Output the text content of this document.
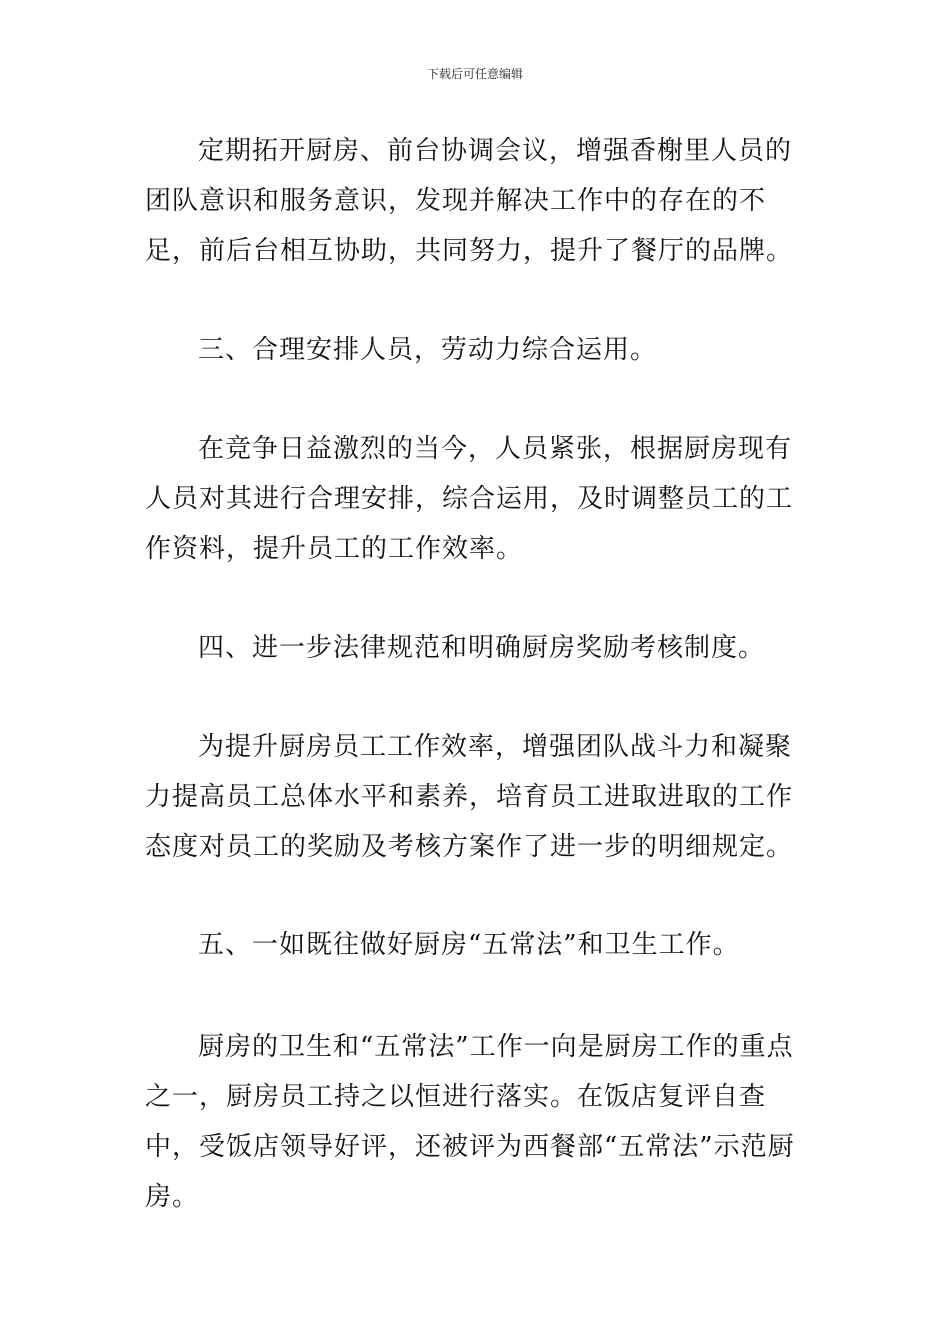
下载后可任意编辑

定期拓开厨房、前台协调会议，增强香榭里人员的团队意识和服务意识，发现并解决工作中的存在的不足，前后台相互协助，共同努力，提升了餐厅的品牌。

三、合理安排人员，劳动力综合运用。

在竞争日益激烈的当今，人员紧张，根据厨房现有人员对其进行合理安排，综合运用，及时调整员工的工作资料，提升员工的工作效率。

四、进一步法律规范和明确厨房奖励考核制度。

为提升厨房员工工作效率，增强团队战斗力和凝聚力提高员工总体水平和素养，培育员工进取进取的工作态度对员工的奖励及考核方案作了进一步的明细规定。

五、一如既往做好厨房“五常法”和卫生工作。

厨房的卫生和“五常法”工作一向是厨房工作的重点之一，厨房员工持之以恒进行落实。在饭店复评自查中，受饭店领导好评，还被评为西餐部“五常法”示范厨房。
